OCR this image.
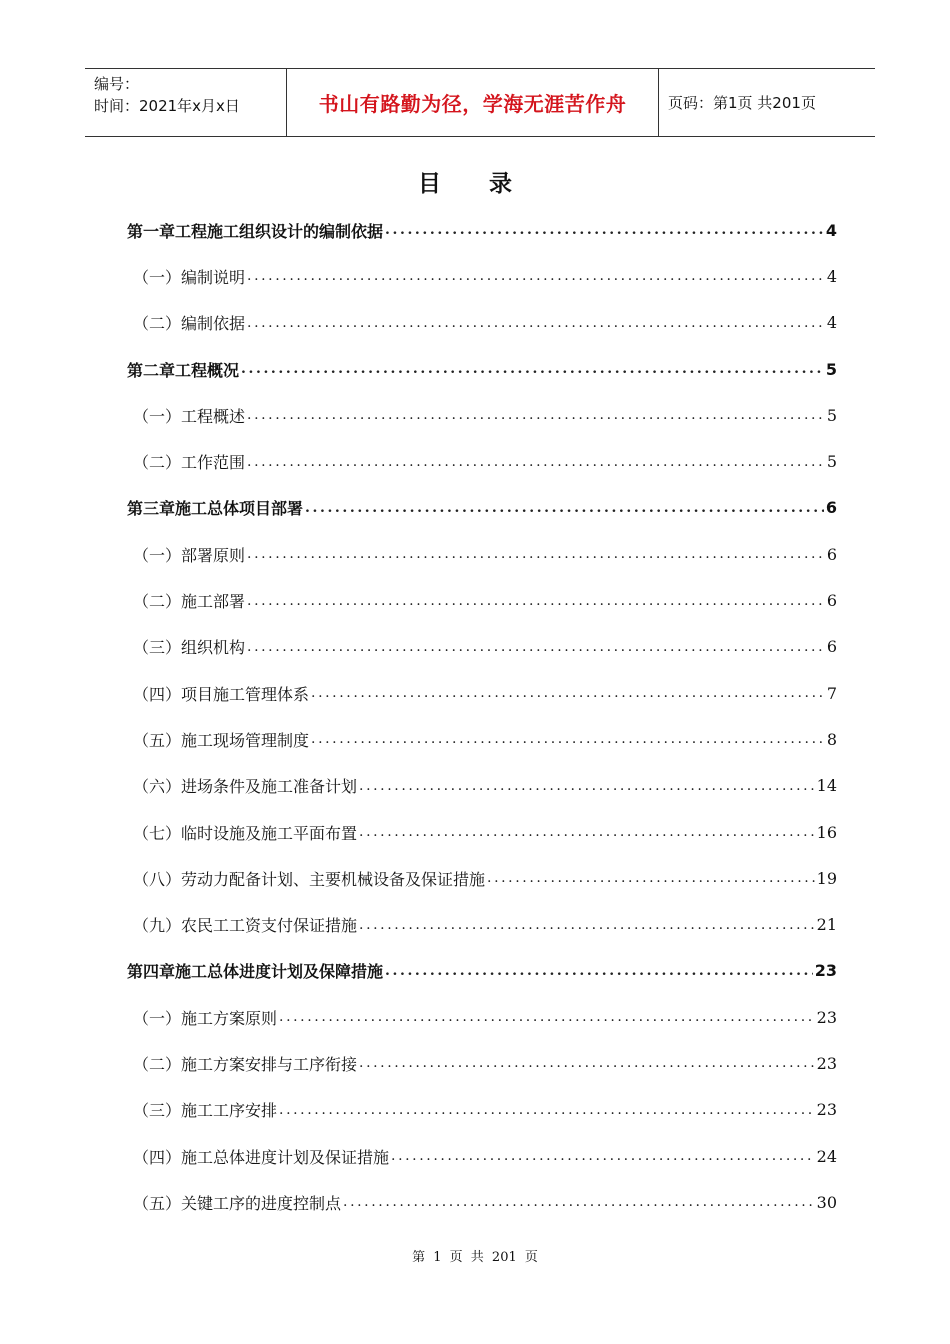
编号：
时间：2021年x月x日	书山有路勤为径，学海无涯苦作舟	页码：第1页 共201页
目 录
第一章工程施工组织设计的编制依据 .....	4
（一）编制说明 .....	4
（二）编制依据 .....	4
第二章工程概况 .....	5
（一）工程概述 .....	5
（二）工作范围 .....	5
第三章施工总体项目部署 .....	6
（一）部署原则 .....	6
（二）施工部署 .....	6
（三）组织机构 .....	6
（四）项目施工管理体系 .....	7
（五）施工现场管理制度 .....	8
（六）进场条件及施工准备计划 .....	14
（七）临时设施及施工平面布置 .....	16
（八）劳动力配备计划、主要机械设备及保证措施 .....	19
（九）农民工工资支付保证措施 .....	21
第四章施工总体进度计划及保障措施 .....	23
（一）施工方案原则 .....	23
（二）施工方案安排与工序衔接 .....	23
（三）施工工序安排 .....	23
（四）施工总体进度计划及保证措施 .....	24
（五）关键工序的进度控制点 .....	30
第 1 页 共 201 页
